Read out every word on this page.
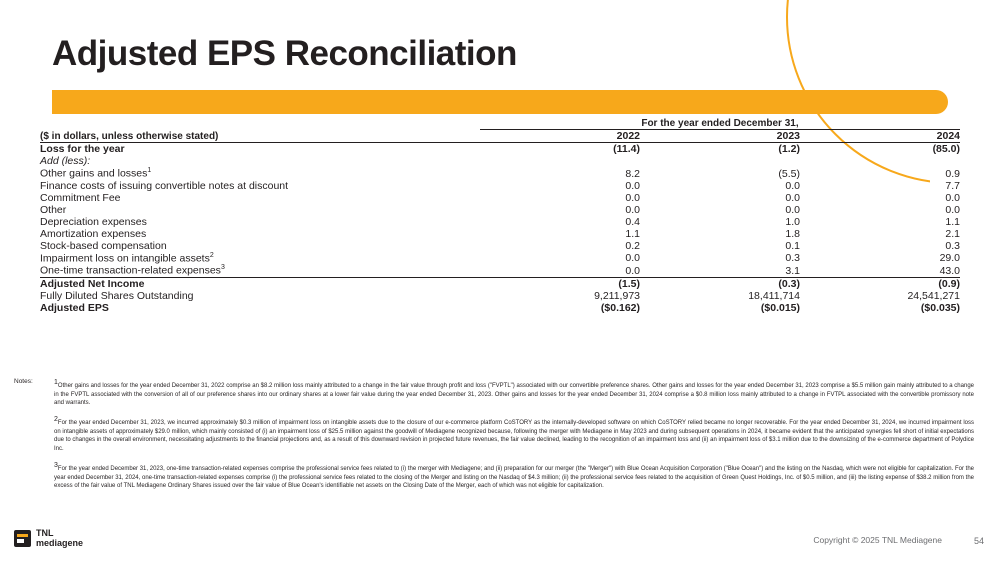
Adjusted EPS Reconciliation
	For the year ended December 31,		
($ in dollars, unless otherwise stated)	2022	2023	2024
Loss for the year	(11.4)	(1.2)	(85.0)
Add (less):			
Other gains and losses$^1$	8.2	(5.5)	0.9
Finance costs of issuing convertible notes at discount	0.0	0.0	7.7
Commitment Fee	0.0	0.0	0.0
Other	0.0	0.0	0.0
Depreciation expenses	0.4	1.0	1.1
Amortization expenses	1.1	1.8	2.1
Stock-based compensation	0.2	0.1	0.3
Impairment loss on intangible assets$^2$	0.0	0.3	29.0
One-time transaction-related expenses$^3$	0.0	3.1	43.0
Adjusted Net Income	(1.5)	(0.3)	(0.9)
Fully Diluted Shares Outstanding	9,211,973	18,411,714	24,541,271
Adjusted EPS	($0.162)	($0.015)	($0.035)
Notes:	$^1$Other gains and losses for the year ended December 31, 2022 comprise an $8.2 million loss mainly attributed to a change in the fair value through profit and loss ("FVPTL") associated with our convertible preference shares. Other gains and losses for the year ended December 31, 2023 comprise a $5.5 million gain mainly attributed to a change in the FVPTL associated with the conversion of all of our preference shares into our ordinary shares at a lower fair value during the year ended December 31, 2023. Other gains and losses for the year ended December 31, 2024 comprise a $0.8 million loss mainly attributed to a change in FVTPL associated with the convertible promissory note and warrants.

$^2$For the year ended December 31, 2023, we incurred approximately $0.3 million of impairment loss on intangible assets due to the closure of our e-commerce platform CoSTORY as the internally-developed software on which CoSTORY relied became no longer recoverable. For the year ended December 31, 2024, we incurred impairment loss on intangible assets of approximately $29.0 million, which mainly consisted of (i) an impairment loss of $25.5 million against the goodwill of Mediagene recognized because, following the merger with Mediagene in May 2023 and during subsequent operations in 2024, it became evident that the anticipated synergies fell short of initial expectations due to changes in the overall environment, necessitating adjustments to the financial projections and, as a result of this downward revision in projected future revenues, the fair value declined, leading to the recognition of an impairment loss and (ii) an impairment loss of $3.1 million due to the downsizing of the e-commerce department of Polydice Inc.

$^3$For the year ended December 31, 2023, one-time transaction-related expenses comprise the professional service fees related to (i) the merger with Mediagene; and (ii) preparation for our merger (the "Merger") with Blue Ocean Acquisition Corporation ("Blue Ocean") and the listing on the Nasdaq, which were not eligible for capitalization. For the year ended December 31, 2024, one-time transaction-related expenses comprise (i) the professional service fees related to the closing of the Merger and listing on the Nasdaq of $4.3 million; (ii) the professional service fees related to the acquisition of Green Quest Holdings, Inc. of $0.5 million, and (iii) the listing expense of $38.2 million from the excess of the fair value of TNL Mediagene Ordinary Shares issued over the fair value of Blue Ocean's identifiable net assets on the Closing Date of the Merger, each of which was not eligible for capitalization.

TNL
mediagene	Copyright © 2025 TNL Mediagene	54
